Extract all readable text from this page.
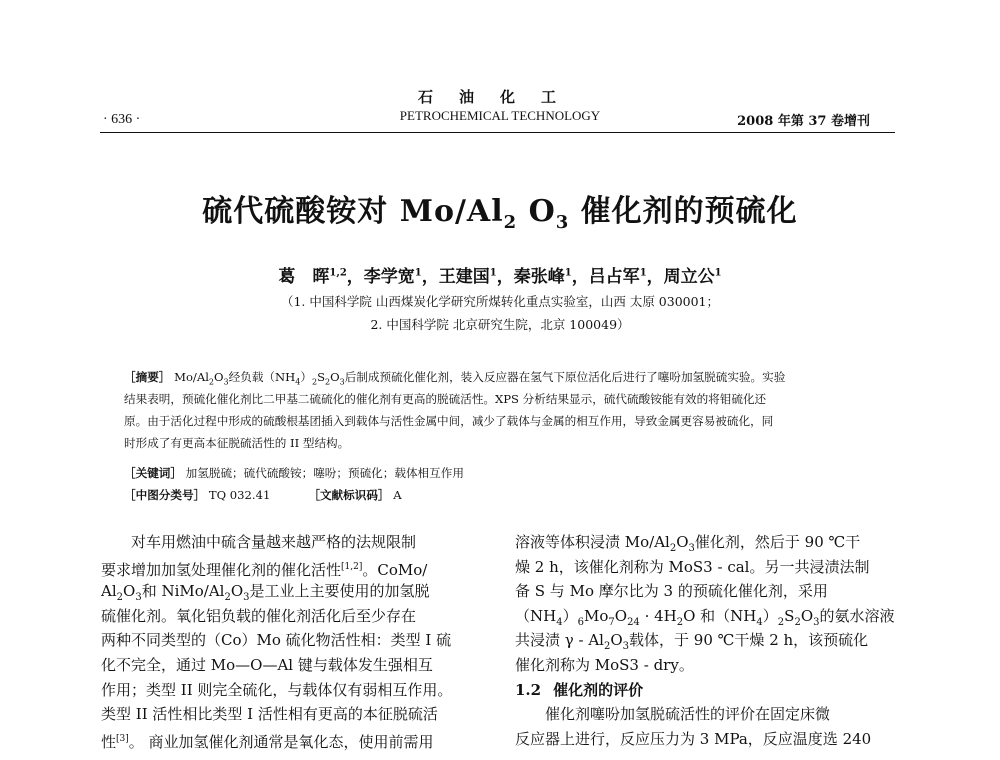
石油化工
PETROCHEMICAL TECHNOLOGY
· 636 ·	2008 年第 37 卷增刊
硫代硫酸铵对 $Mo/Al_2$ $O_3$ 催化剂的预硫化
葛　晖$^{1,2}$，李学宽$^1$，王建国$^1$，秦张峰$^1$，吕占军$^1$，周立公$^1$
（1. 中国科学院 山西煤炭化学研究所煤转化重点实验室，山西 太原 030001；
2. 中国科学院 北京研究生院，北京 100049）
［摘要］ $Mo/Al_2O_3$经负载$(NH_4)_2S_2O_3$后制成预硫化催化剂，装入反应器在氢气下原位活化后进行了噻吩加氢脱硫实验。实验
结果表明，预硫化催化剂比二甲基二硫硫化的催化剂有更高的脱硫活性。XPS 分析结果显示，硫代硫酸铵能有效的将钼硫化还
原。由于活化过程中形成的硫酸根基团插入到载体与活性金属中间，减少了载体与金属的相互作用，导致金属更容易被硫化，同
时形成了有更高本征脱硫活性的 II 型结构。
［关键词］ 加氢脱硫；硫代硫酸铵；噻吩；预硫化；载体相互作用
［中图分类号］ TQ 032.41	［文献标识码］ A
对车用燃油中硫含量越来越严格的法规限制
要求增加加氢处理催化剂的催化活性[1,2]。CoMo/
$Al_2O_3$和 NiMo/$Al_2O_3$是工业上主要使用的加氢脱
硫催化剂。氧化铝负载的催化剂活化后至少存在
两种不同类型的（Co）Mo 硫化物活性相：类型 I 硫
化不完全，通过 Mo—O—Al 键与载体发生强相互
作用；类型 II 则完全硫化，与载体仅有弱相互作用。
类型 II 活性相比类型 I 活性相有更高的本征脱硫活
性[3]。 商业加氢催化剂通常是氧化态，使用前需用
溶液等体积浸渍 $Mo/Al_2O_3$催化剂，然后于 90 ℃干
燥 2 h，该催化剂称为 MoS3 - cal。另一共浸渍法制
备 S 与 Mo 摩尔比为 3 的预硫化催化剂，采用
$(NH_4)_6Mo_7O_{24} \cdot 4H_2O$ 和$(NH_4)_2S_2O_3$的氨水溶液
共浸渍 γ - $Al_2O_3$载体，于 90 ℃干燥 2 h，该预硫化
催化剂称为 MoS3 - dry。
1.2 催化剂的评价
催化剂噻吩加氢脱硫活性的评价在固定床微
反应器上进行，反应压力为 3 MPa，反应温度选 240
